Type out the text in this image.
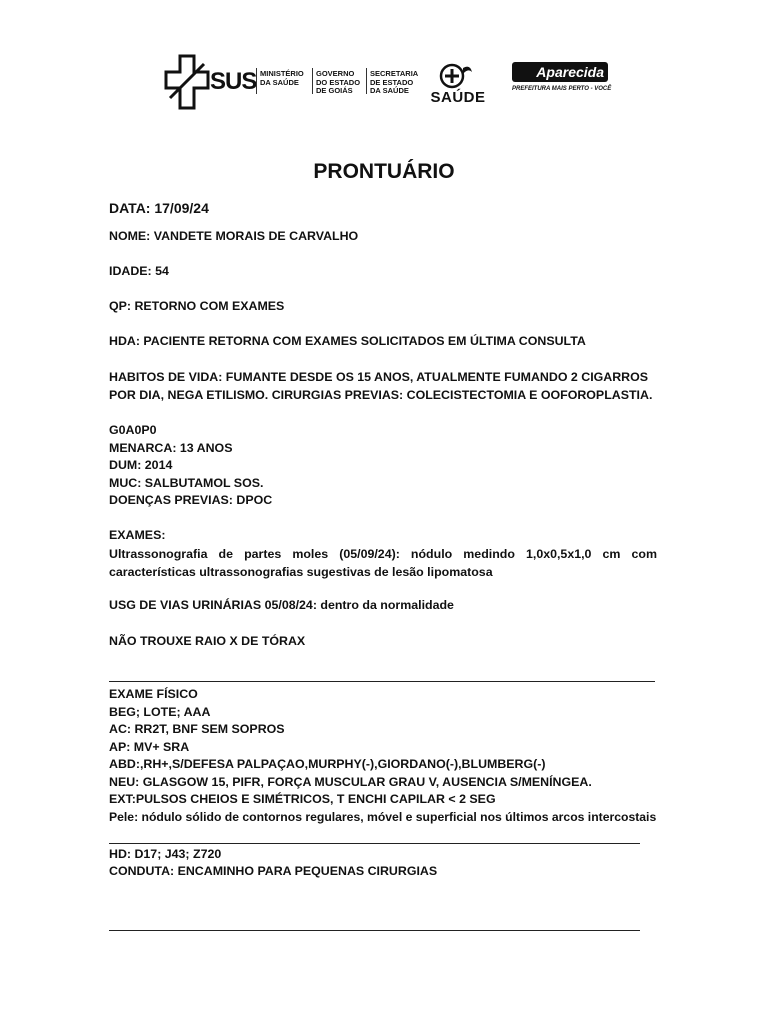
SUS MINISTÉRIO
DA SAÚDE
GOVERNO
DO ESTADO
DE GOIÁS
SECRETARIA
DE ESTADO
DA SAÚDE	SAÚDE
Aparecida
PREFEITURA MAIS PERTO - VOCÊ
PRONTUÁRIO
DATA: 17/09/24
NOME: VANDETE MORAIS DE CARVALHO
IDADE: 54
QP: RETORNO COM EXAMES
HDA: PACIENTE RETORNA COM EXAMES SOLICITADOS EM ÚLTIMA CONSULTA
HABITOS DE VIDA: FUMANTE DESDE OS 15 ANOS, ATUALMENTE FUMANDO 2 CIGARROS POR DIA, NEGA ETILISMO. CIRURGIAS PREVIAS: COLECISTECTOMIA E OOFOROPLASTIA.
G0A0P0
MENARCA: 13 ANOS
DUM: 2014
MUC: SALBUTAMOL SOS.
DOENÇAS PREVIAS: DPOC
EXAMES:
Ultrassonografia de partes moles (05/09/24): nódulo medindo 1,0x0,5x1,0 cm com características ultrassonografias sugestivas de lesão lipomatosa
USG DE VIAS URINÁRIAS 05/08/24: dentro da normalidade
NÃO TROUXE RAIO X DE TÓRAX
EXAME FÍSICO
BEG; LOTE; AAA
AC: RR2T, BNF SEM SOPROS
AP: MV+ SRA
ABD:,RH+,S/DEFESA PALPAÇAO,MURPHY(-),GIORDANO(-),BLUMBERG(-)
NEU: GLASGOW 15, PIFR, FORÇA MUSCULAR GRAU V, AUSENCIA S/MENÍNGEA.
EXT:PULSOS CHEIOS E SIMÉTRICOS, T ENCHI CAPILAR < 2 SEG
Pele: nódulo sólido de contornos regulares, móvel e superficial nos últimos arcos intercostais
HD: D17; J43; Z720
CONDUTA: ENCAMINHO PARA PEQUENAS CIRURGIAS
